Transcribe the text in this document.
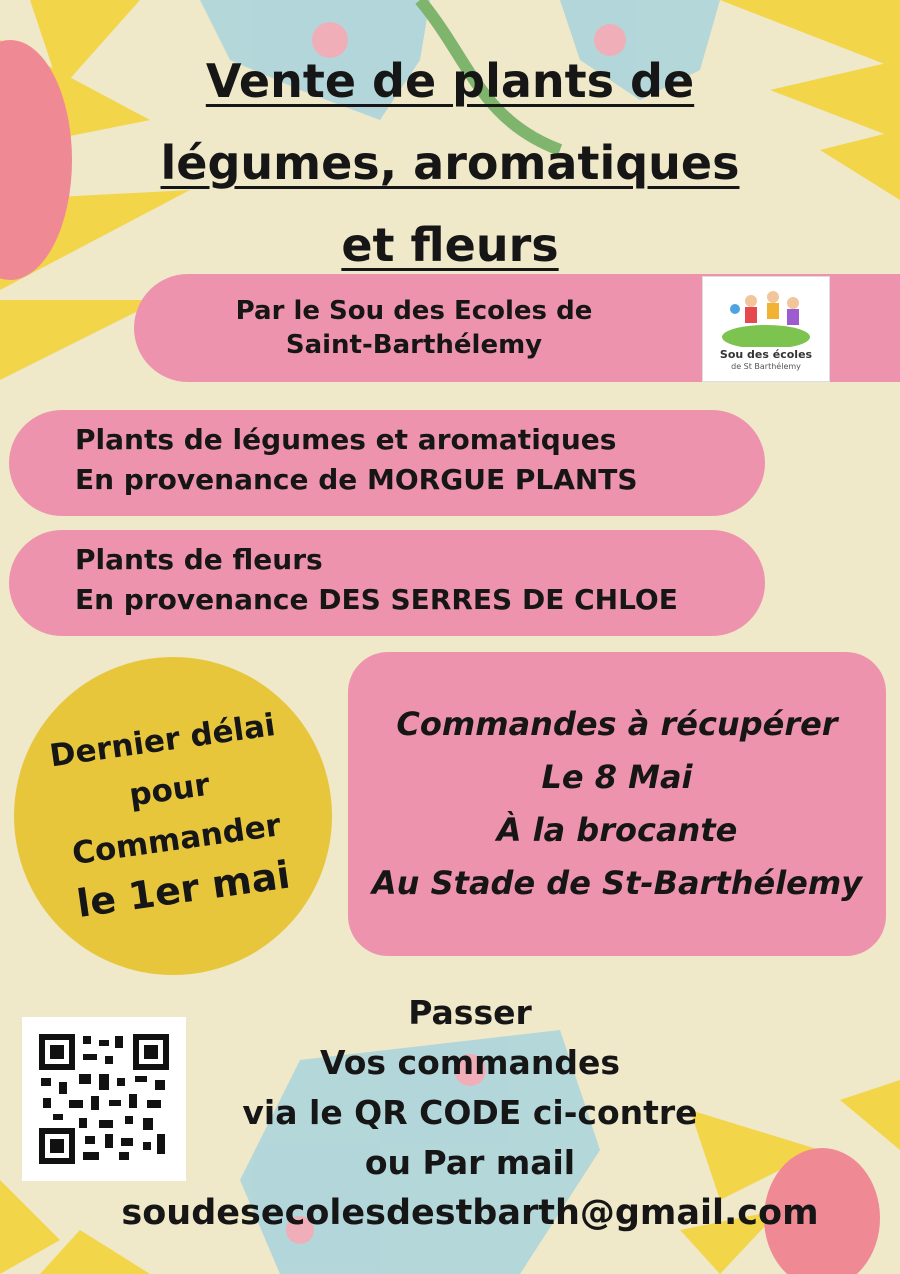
Vente de plants de
légumes, aromatiques
et fleurs
Par le Sou des Ecoles de
Saint-Barthélemy	Sou des écoles
de St Barthélemy
Plants de légumes et aromatiques
En provenance de MORGUE PLANTS
Plants de fleurs
En provenance DES SERRES DE CHLOE
Dernier délai
pour
Commander
le 1er mai
Commandes à récupérer
Le 8 Mai
À la brocante
Au Stade de St-Barthélemy
Passer
Vos commandes
via le QR CODE ci-contre
ou Par mail
soudesecolesdestbarth@gmail.com
